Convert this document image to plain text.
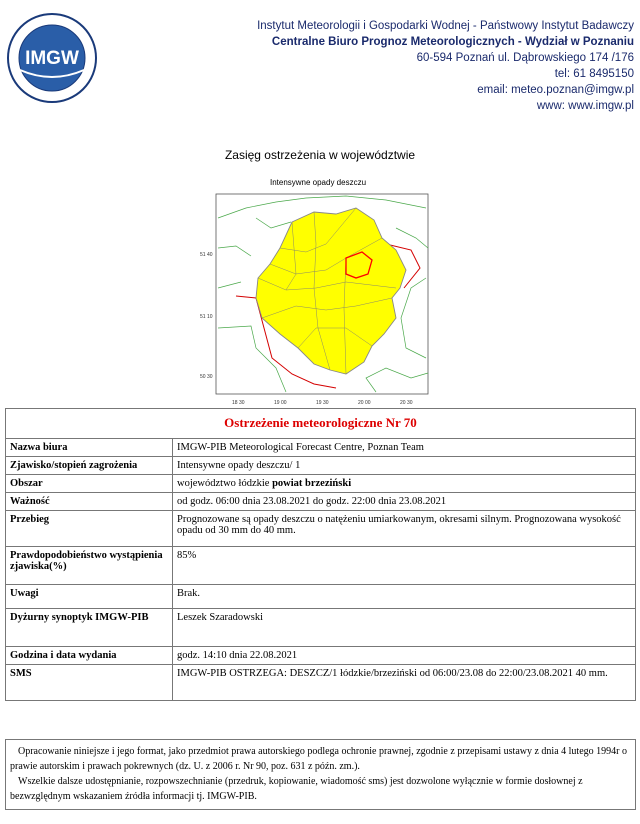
IMGW
Instytut Meteorologii i Gospodarki Wodnej - Państwowy Instytut Badawczy
Centralne Biuro Prognoz Meteorologicznych - Wydział w Poznaniu
60-594 Poznań ul. Dąbrowskiego 174 /176
tel: 61 8495150
email: meteo.poznan@imgw.pl
www: www.imgw.pl
Zasięg ostrzeżenia w województwie
Intensywne opady deszczu
51 40
51 10
50 30
18 30	19 00	19 30	20 00	20 30
Ostrzeżenie meteorologiczne Nr 70	
Nazwa biura	IMGW-PIB Meteorological Forecast Centre, Poznan Team
Zjawisko/stopień zagrożenia	Intensywne opady deszczu/ 1
Obszar	województwo łódzkie powiat brzeziński
Ważność	od godz. 06:00 dnia 23.08.2021 do godz. 22:00 dnia 23.08.2021
Przebieg	Prognozowane są opady deszczu o natężeniu umiarkowanym, okresami silnym. Prognozowana wysokość opadu od 30 mm do 40 mm.
Prawdopodobieństwo wystąpienia zjawiska(%)	85%
Uwagi	Brak.
Dyżurny synoptyk IMGW-PIB	Leszek Szaradowski
Godzina i data wydania	godz. 14:10 dnia 22.08.2021
SMS	IMGW-PIB OSTRZEGA: DESZCZ/1 łódzkie/brzeziński od 06:00/23.08 do 22:00/23.08.2021 40 mm.

Opracowanie niniejsze i jego format, jako przedmiot prawa autorskiego podlega ochronie prawnej, zgodnie z przepisami ustawy z dnia 4 lutego 1994r o prawie autorskim i prawach pokrewnych (dz. U. z 2006 r. Nr 90, poz. 631 z późn. zm.).

Wszelkie dalsze udostępnianie, rozpowszechnianie (przedruk, kopiowanie, wiadomość sms) jest dozwolone wyłącznie w formie dosłownej z bezwzględnym wskazaniem źródła informacji tj. IMGW-PIB.
